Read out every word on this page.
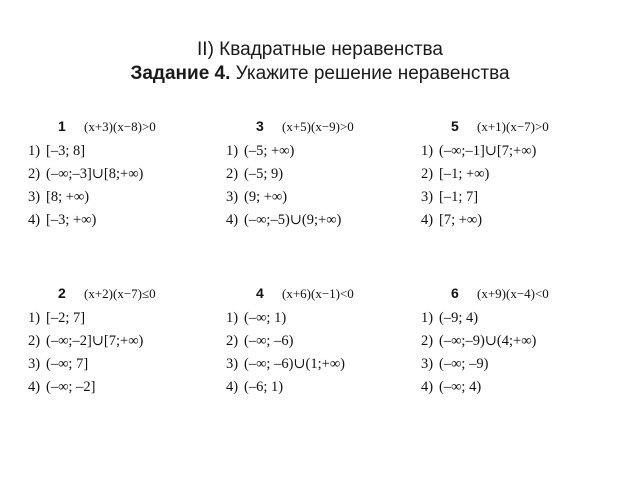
II) Квадратные неравенства
Задание 4. Укажите решение неравенства
1 (x+3)(x−8)>0
1) [–3; 8]
2) (–∞;–3]∪[8;+∞)
3) [8; +∞)
4) [–3; +∞)
3 (x+5)(x−9)>0
1) (–5; +∞)
2) (–5; 9)
3) (9; +∞)
4) (–∞;–5)∪(9;+∞)
5 (x+1)(x−7)>0
1) (–∞;–1]∪[7;+∞)
2) [–1; +∞)
3) [–1; 7]
4) [7; +∞)
2 (x+2)(x−7)≤0
1) [–2; 7]
2) (–∞;–2]∪[7;+∞)
3) (–∞; 7]
4) (–∞; –2]
4 (x+6)(x−1)<0
1) (–∞; 1)
2) (–∞; –6)
3) (–∞; –6)∪(1;+∞)
4) (–6; 1)
6 (x+9)(x−4)<0
1) (–9; 4)
2) (–∞;–9)∪(4;+∞)
3) (–∞; –9)
4) (–∞; 4)
